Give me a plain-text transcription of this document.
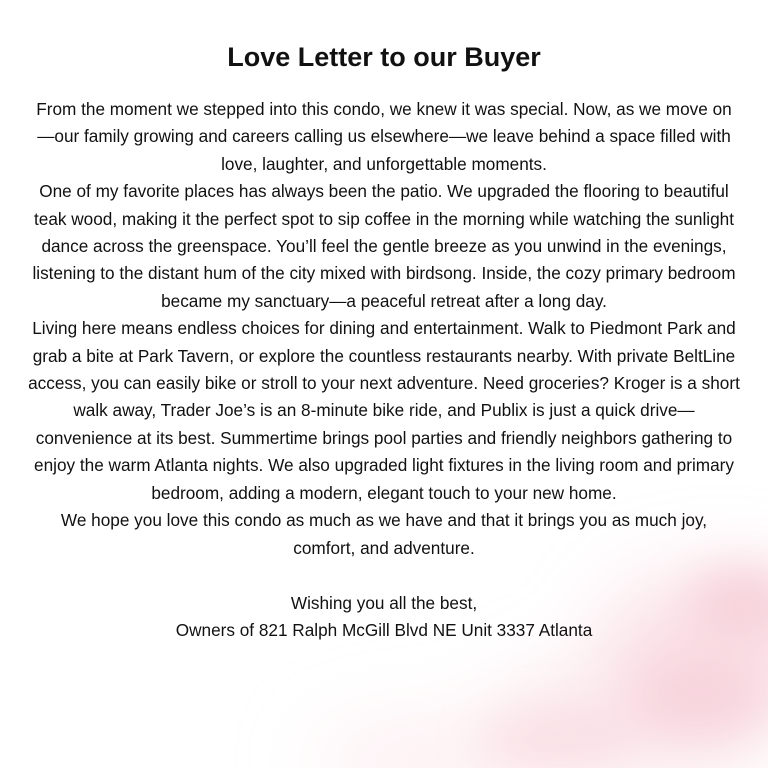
Love Letter to our Buyer

From the moment we stepped into this condo, we knew it was special. Now, as we move on—our family growing and careers calling us elsewhere—we leave behind a space filled with love, laughter, and unforgettable moments.

One of my favorite places has always been the patio. We upgraded the flooring to beautiful teak wood, making it the perfect spot to sip coffee in the morning while watching the sunlight dance across the greenspace. You’ll feel the gentle breeze as you unwind in the evenings, listening to the distant hum of the city mixed with birdsong. Inside, the cozy primary bedroom became my sanctuary—a peaceful retreat after a long day.

Living here means endless choices for dining and entertainment. Walk to Piedmont Park and grab a bite at Park Tavern, or explore the countless restaurants nearby. With private BeltLine access, you can easily bike or stroll to your next adventure. Need groceries? Kroger is a short walk away, Trader Joe’s is an 8-minute bike ride, and Publix is just a quick drive—convenience at its best. Summertime brings pool parties and friendly neighbors gathering to enjoy the warm Atlanta nights. We also upgraded light fixtures in the living room and primary bedroom, adding a modern, elegant touch to your new home.

We hope you love this condo as much as we have and that it brings you as much joy, comfort, and adventure.

Wishing you all the best,
Owners of 821 Ralph McGill Blvd NE Unit 3337 Atlanta
